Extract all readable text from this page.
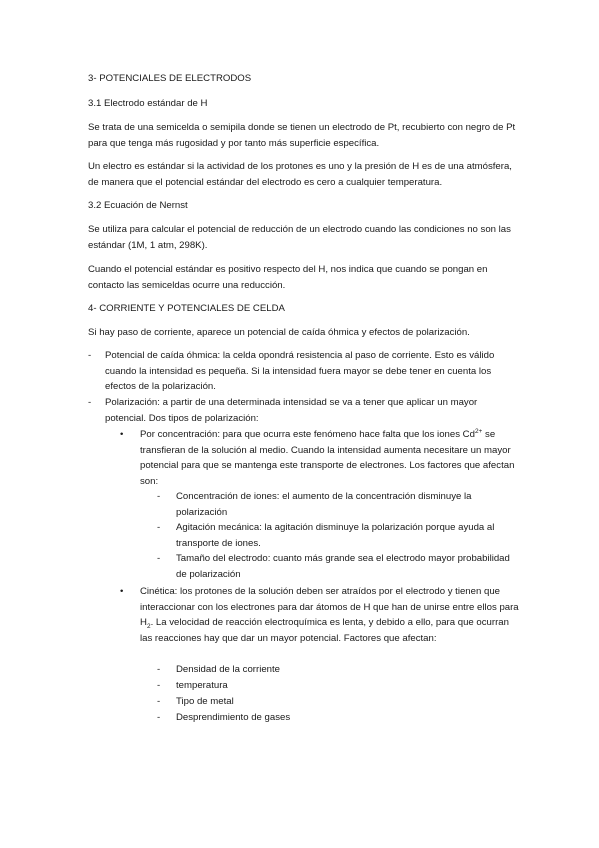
3- POTENCIALES DE ELECTRODOS
3.1 Electrodo estándar de H
Se trata de una semicelda o semipila donde se tienen un electrodo de Pt, recubierto con negro de Pt para que tenga más rugosidad y por tanto más superficie específica.
Un electro es estándar si la actividad de los protones es uno y la presión de H es de una atmósfera, de manera que el potencial estándar del electrodo es cero a cualquier temperatura.
3.2 Ecuación de Nernst
Se utiliza para calcular el potencial de reducción de un electrodo cuando las condiciones no son las estándar (1M, 1 atm, 298K).
Cuando el potencial estándar es positivo respecto del H, nos indica que cuando se pongan en contacto las semiceldas ocurre una reducción.
4- CORRIENTE Y POTENCIALES DE CELDA
Si hay paso de corriente, aparece un potencial de caída óhmica y efectos de polarización.
- Potencial de caída óhmica: la celda opondrá resistencia al paso de corriente. Esto es válido cuando la intensidad es pequeña. Si la intensidad fuera mayor se debe tener en cuenta los efectos de la polarización.
- Polarización: a partir de una determinada intensidad se va a tener que aplicar un mayor potencial. Dos tipos de polarización:
• Por concentración: para que ocurra este fenómeno hace falta que los iones $Cd^{2+}$ se transfieran de la solución al medio. Cuando la intensidad aumenta necesitare un mayor potencial para que se mantenga este transporte de electrones. Los factores que afectan son:
- Concentración de iones: el aumento de la concentración disminuye la polarización
- Agitación mecánica: la agitación disminuye la polarización porque ayuda al transporte de iones.
- Tamaño del electrodo: cuanto más grande sea el electrodo mayor probabilidad de polarización
• Cinética: los protones de la solución deben ser atraídos por el electrodo y tienen que interaccionar con los electrones para dar átomos de H que han de unirse entre ellos para $H_2$. La velocidad de reacción electroquímica es lenta, y debido a ello, para que ocurran las reacciones hay que dar un mayor potencial. Factores que afectan:
- Densidad de la corriente
- temperatura
- Tipo de metal
- Desprendimiento de gases
